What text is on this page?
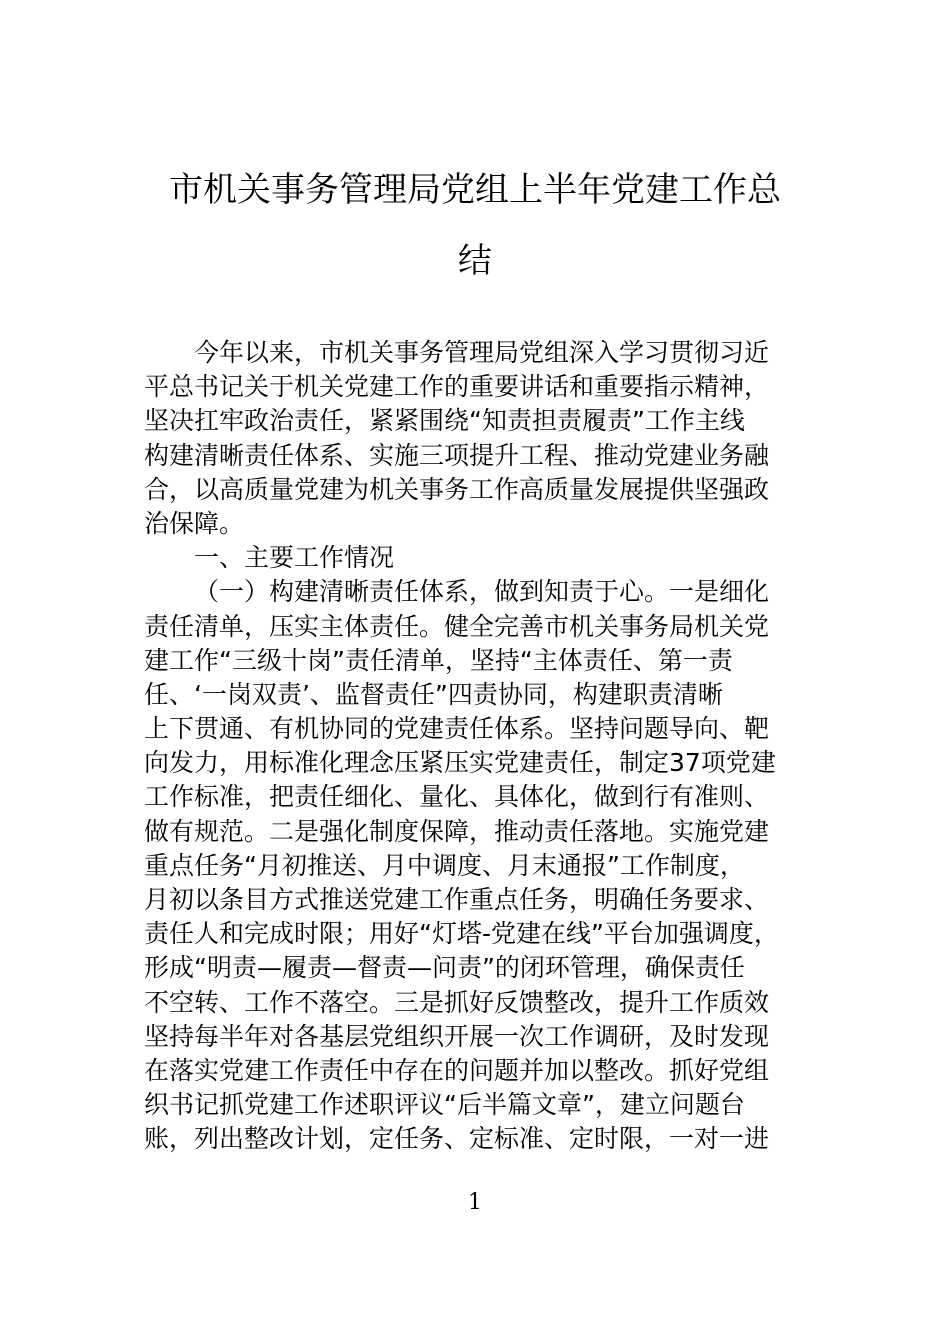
市机关事务管理局党组上半年党建工作总
结
今年以来，市机关事务管理局党组深入学习贯彻习近
平总书记关于机关党建工作的重要讲话和重要指示精神，
坚决扛牢政治责任，紧紧围绕“知责担责履责”工作主线
构建清晰责任体系、实施三项提升工程、推动党建业务融
合，以高质量党建为机关事务工作高质量发展提供坚强政
治保障。
一、主要工作情况
（一）构建清晰责任体系，做到知责于心。一是细化
责任清单，压实主体责任。健全完善市机关事务局机关党
建工作“三级十岗”责任清单，坚持“主体责任、第一责
任、‘一岗双责’、监督责任”四责协同，构建职责清晰
上下贯通、有机协同的党建责任体系。坚持问题导向、靶
向发力，用标准化理念压紧压实党建责任，制定37项党建
工作标准，把责任细化、量化、具体化，做到行有准则、
做有规范。二是强化制度保障，推动责任落地。实施党建
重点任务“月初推送、月中调度、月末通报”工作制度，
月初以条目方式推送党建工作重点任务，明确任务要求、
责任人和完成时限；用好“灯塔-党建在线”平台加强调度，
形成“明责—履责—督责—问责”的闭环管理，确保责任
不空转、工作不落空。三是抓好反馈整改，提升工作质效
坚持每半年对各基层党组织开展一次工作调研，及时发现
在落实党建工作责任中存在的问题并加以整改。抓好党组
织书记抓党建工作述职评议“后半篇文章”，建立问题台
账，列出整改计划，定任务、定标准、定时限，一对一进
1
